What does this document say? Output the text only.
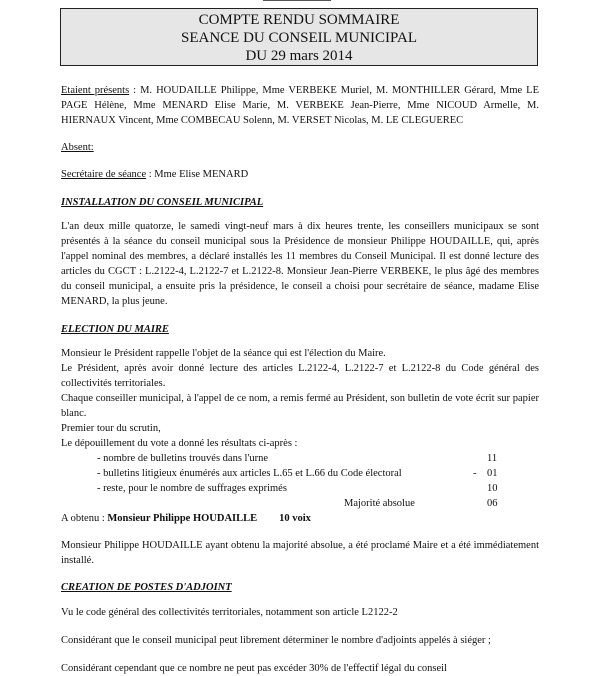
COMPTE RENDU SOMMAIRE
SEANCE DU CONSEIL MUNICIPAL
DU 29 mars 2014

Etaient présents : M. HOUDAILLE Philippe, Mme VERBEKE Muriel, M. MONTHILLER Gérard, Mme LE PAGE Hélène, Mme MENARD Elise Marie, M. VERBEKE Jean-Pierre, Mme NICOUD Armelle, M. HIERNAUX Vincent, Mme COMBECAU Solenn, M. VERSET Nicolas, M. LE CLEGUEREC

Absent:

Secrétaire de séance : Mme Elise MENARD

INSTALLATION DU CONSEIL MUNICIPAL

L'an deux mille quatorze, le samedi vingt-neuf mars à dix heures trente, les conseillers municipaux se sont présentés à la séance du conseil municipal sous la Présidence de monsieur Philippe HOUDAILLE, qui, après l'appel nominal des membres, a déclaré installés les 11 membres du Conseil Municipal. Il est donné lecture des articles du CGCT : L.2122-4, L.2122-7 et L.2122-8. Monsieur Jean-Pierre VERBEKE, le plus âgé des membres du conseil municipal, a ensuite pris la présidence, le conseil a choisi pour secrétaire de séance, madame Elise MENARD, la plus jeune.

ELECTION DU MAIRE

Monsieur le Président rappelle l'objet de la séance qui est l'élection du Maire.

Le Président, après avoir donné lecture des articles L.2122-4, L.2122-7 et L.2122-8 du Code général des collectivités territoriales.

Chaque conseiller municipal, à l'appel de ce nom, a remis fermé au Président, son bulletin de vote écrit sur papier blanc.

Premier tour du scrutin,

Le dépouillement du vote a donné les résultats ci-après :

- nombre de bulletins trouvés dans l'urne	11
- bulletins litigieux énumérés aux articles L.65 et L.66 du Code électoral	- 01
- reste, pour le nombre de suffrages exprimés	10
Majorité absolue	06
A obtenu : Monsieur Philippe HOUDAILLE 10 voix

Monsieur Philippe HOUDAILLE ayant obtenu la majorité absolue, a été proclamé Maire et a été immédiatement installé.

CREATION DE POSTES D'ADJOINT

Vu le code général des collectivités territoriales, notamment son article L2122-2

Considérant que le conseil municipal peut librement déterminer le nombre d'adjoints appelés à siéger ;

Considérant cependant que ce nombre ne peut pas excéder 30% de l'effectif légal du conseil
